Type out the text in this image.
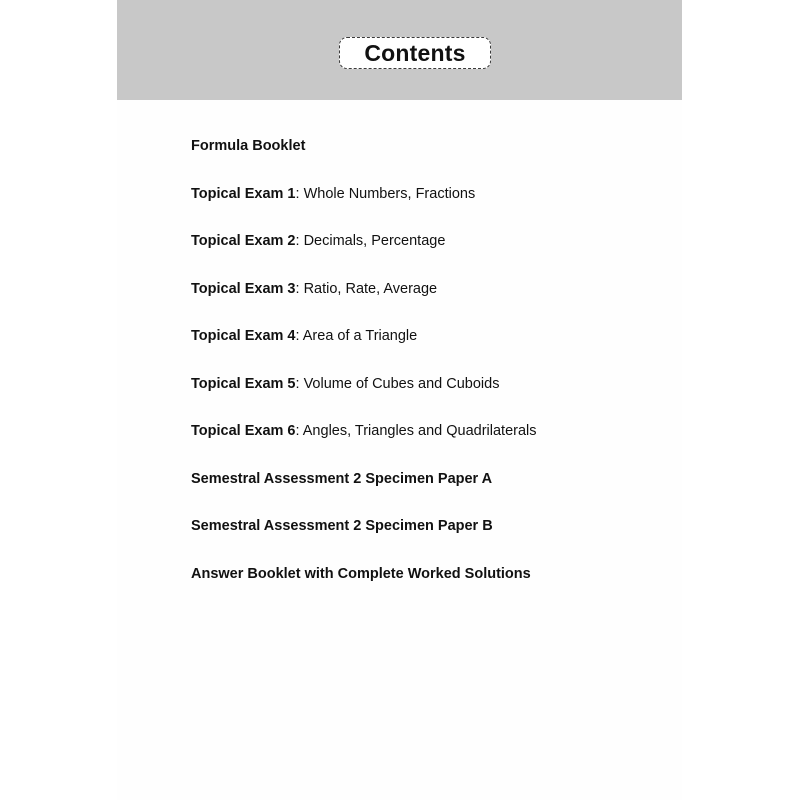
Contents
Formula Booklet
Topical Exam 1: Whole Numbers, Fractions
Topical Exam 2: Decimals, Percentage
Topical Exam 3: Ratio, Rate, Average
Topical Exam 4: Area of a Triangle
Topical Exam 5: Volume of Cubes and Cuboids
Topical Exam 6: Angles, Triangles and Quadrilaterals
Semestral Assessment 2 Specimen Paper A
Semestral Assessment 2 Specimen Paper B
Answer Booklet with Complete Worked Solutions
